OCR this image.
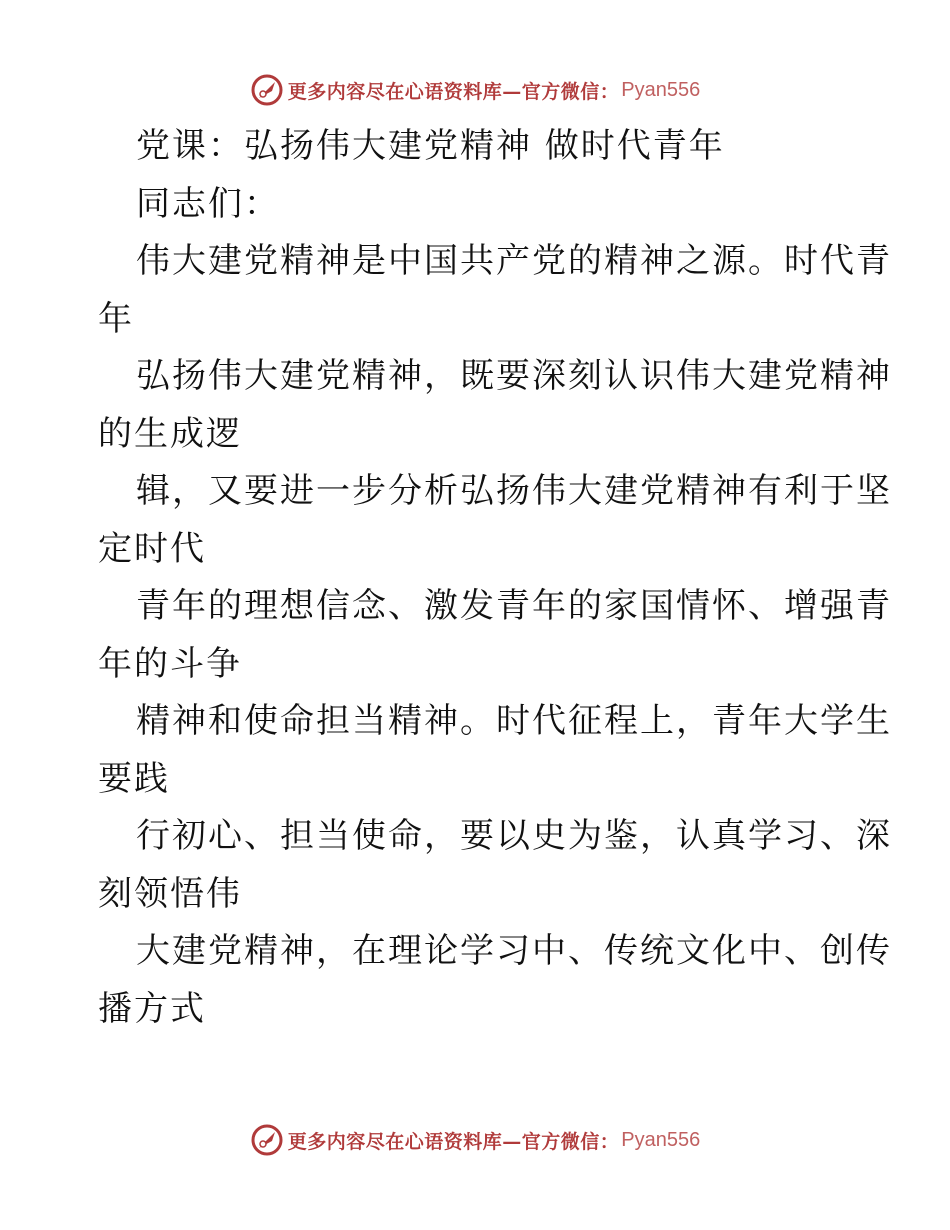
更多内容尽在心语资料库—官方微信： Pyan556
党课：弘扬伟大建党精神 做时代青年
同志们：
伟大建党精神是中国共产党的精神之源。时代青
年
弘扬伟大建党精神，既要深刻认识伟大建党精神
的生成逻
辑，又要进一步分析弘扬伟大建党精神有利于坚
定时代
青年的理想信念、激发青年的家国情怀、增强青
年的斗争
精神和使命担当精神。时代征程上，青年大学生
要践
行初心、担当使命，要以史为鉴，认真学习、深
刻领悟伟
大建党精神，在理论学习中、传统文化中、创传
播方式
更多内容尽在心语资料库—官方微信： Pyan556
